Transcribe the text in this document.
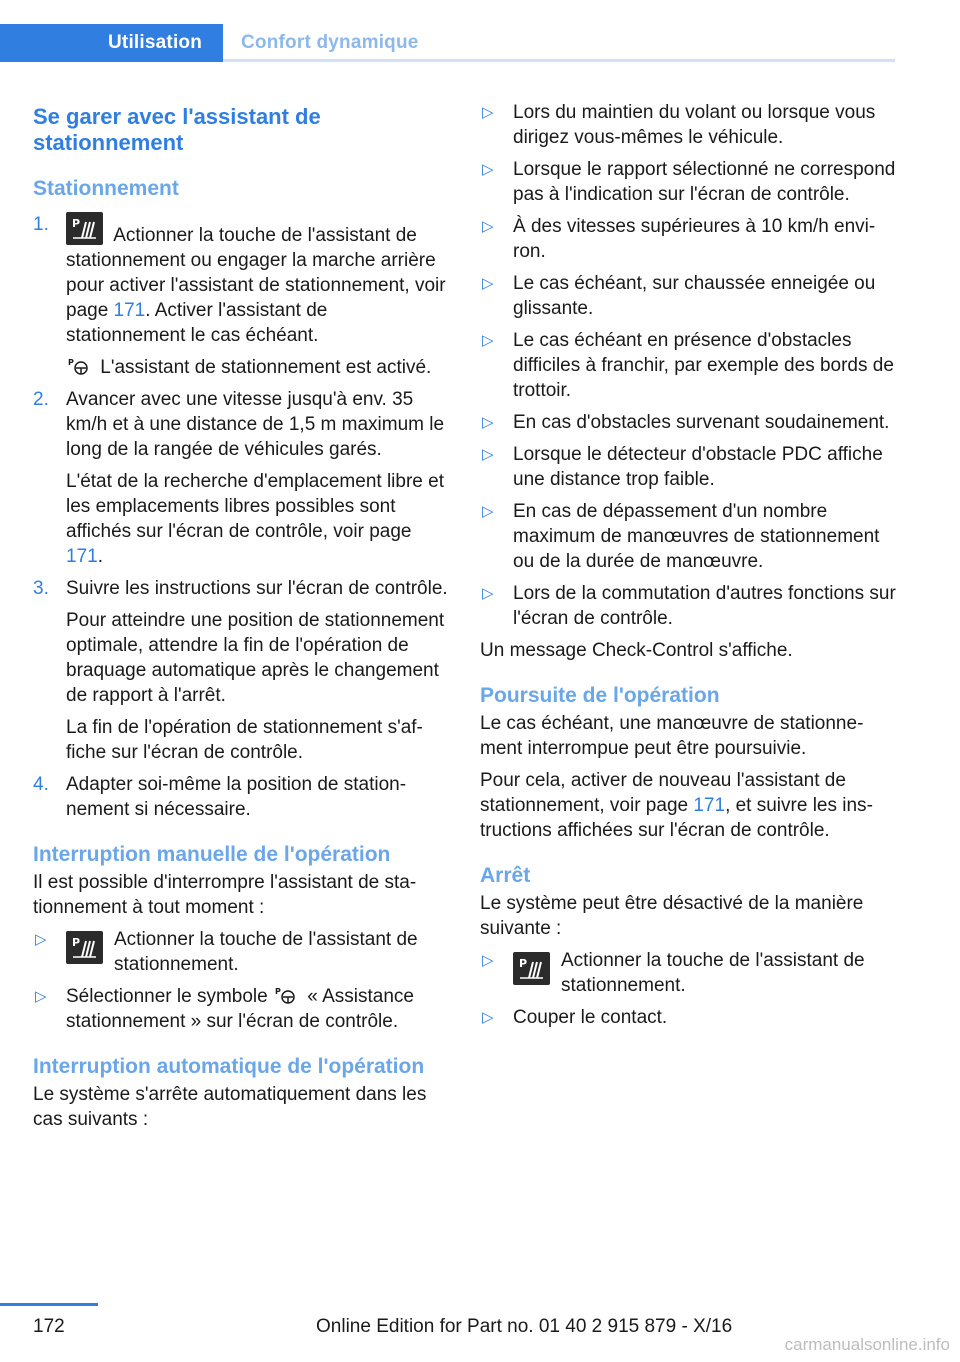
Utilisation	Confort dynamique
Se garer avec l'assistant de stationnement
Stationnement
1. P
Actionner la touche de l'assistant de stationnement ou engager la marche arrière pour activer l'assistant de stationnement, voir page 171. Activer l'assistant de stationnement le cas échéant.
P L'assistant de stationnement est activé.
2. Avancer avec une vitesse jusqu'à env. 35 km/h et à une distance de 1,5 m maximum le long de la rangée de véhicules garés.
L'état de la recherche d'emplacement libre et les emplacements libres possibles sont affichés sur l'écran de contrôle, voir page 171.
3. Suivre les instructions sur l'écran de contrôle.
Pour atteindre une position de stationnement optimale, attendre la fin de l'opération de braquage automatique après le changement de rapport à l'arrêt.
La fin de l'opération de stationnement s'affiche sur l'écran de contrôle.
4. Adapter soi-même la position de stationnement si nécessaire.
Interruption manuelle de l'opération

Il est possible d'interrompre l'assistant de stationnement à tout moment :

▷ P	Actionner la touche de l'assistant de stationnement.
▷ Sélectionner le symbole P « Assistance stationnement » sur l'écran de contrôle.
Interruption automatique de l'opération

Le système s'arrête automatiquement dans les cas suivants :

▷ Lors du maintien du volant ou lorsque vous dirigez vous-mêmes le véhicule.
▷ Lorsque le rapport sélectionné ne correspond pas à l'indication sur l'écran de contrôle.
▷ À des vitesses supérieures à 10 km/h environ.
▷ Le cas échéant, sur chaussée enneigée ou glissante.
▷ Le cas échéant en présence d'obstacles difficiles à franchir, par exemple des bords de trottoir.
▷ En cas d'obstacles survenant soudainement.
▷ Lorsque le détecteur d'obstacle PDC affiche une distance trop faible.
▷ En cas de dépassement d'un nombre maximum de manœuvres de stationnement ou de la durée de manœuvre.
▷ Lors de la commutation d'autres fonctions sur l'écran de contrôle.

Un message Check-Control s'affiche.

Poursuite de l'opération

Le cas échéant, une manœuvre de stationnement interrompue peut être poursuivie.

Pour cela, activer de nouveau l'assistant de stationnement, voir page 171, et suivre les instructions affichées sur l'écran de contrôle.

Arrêt

Le système peut être désactivé de la manière suivante :

▷ P	Actionner la touche de l'assistant de stationnement.
▷ Couper le contact.
172	Online Edition for Part no. 01 40 2 915 879 - X/16
carmanualsonline.info
